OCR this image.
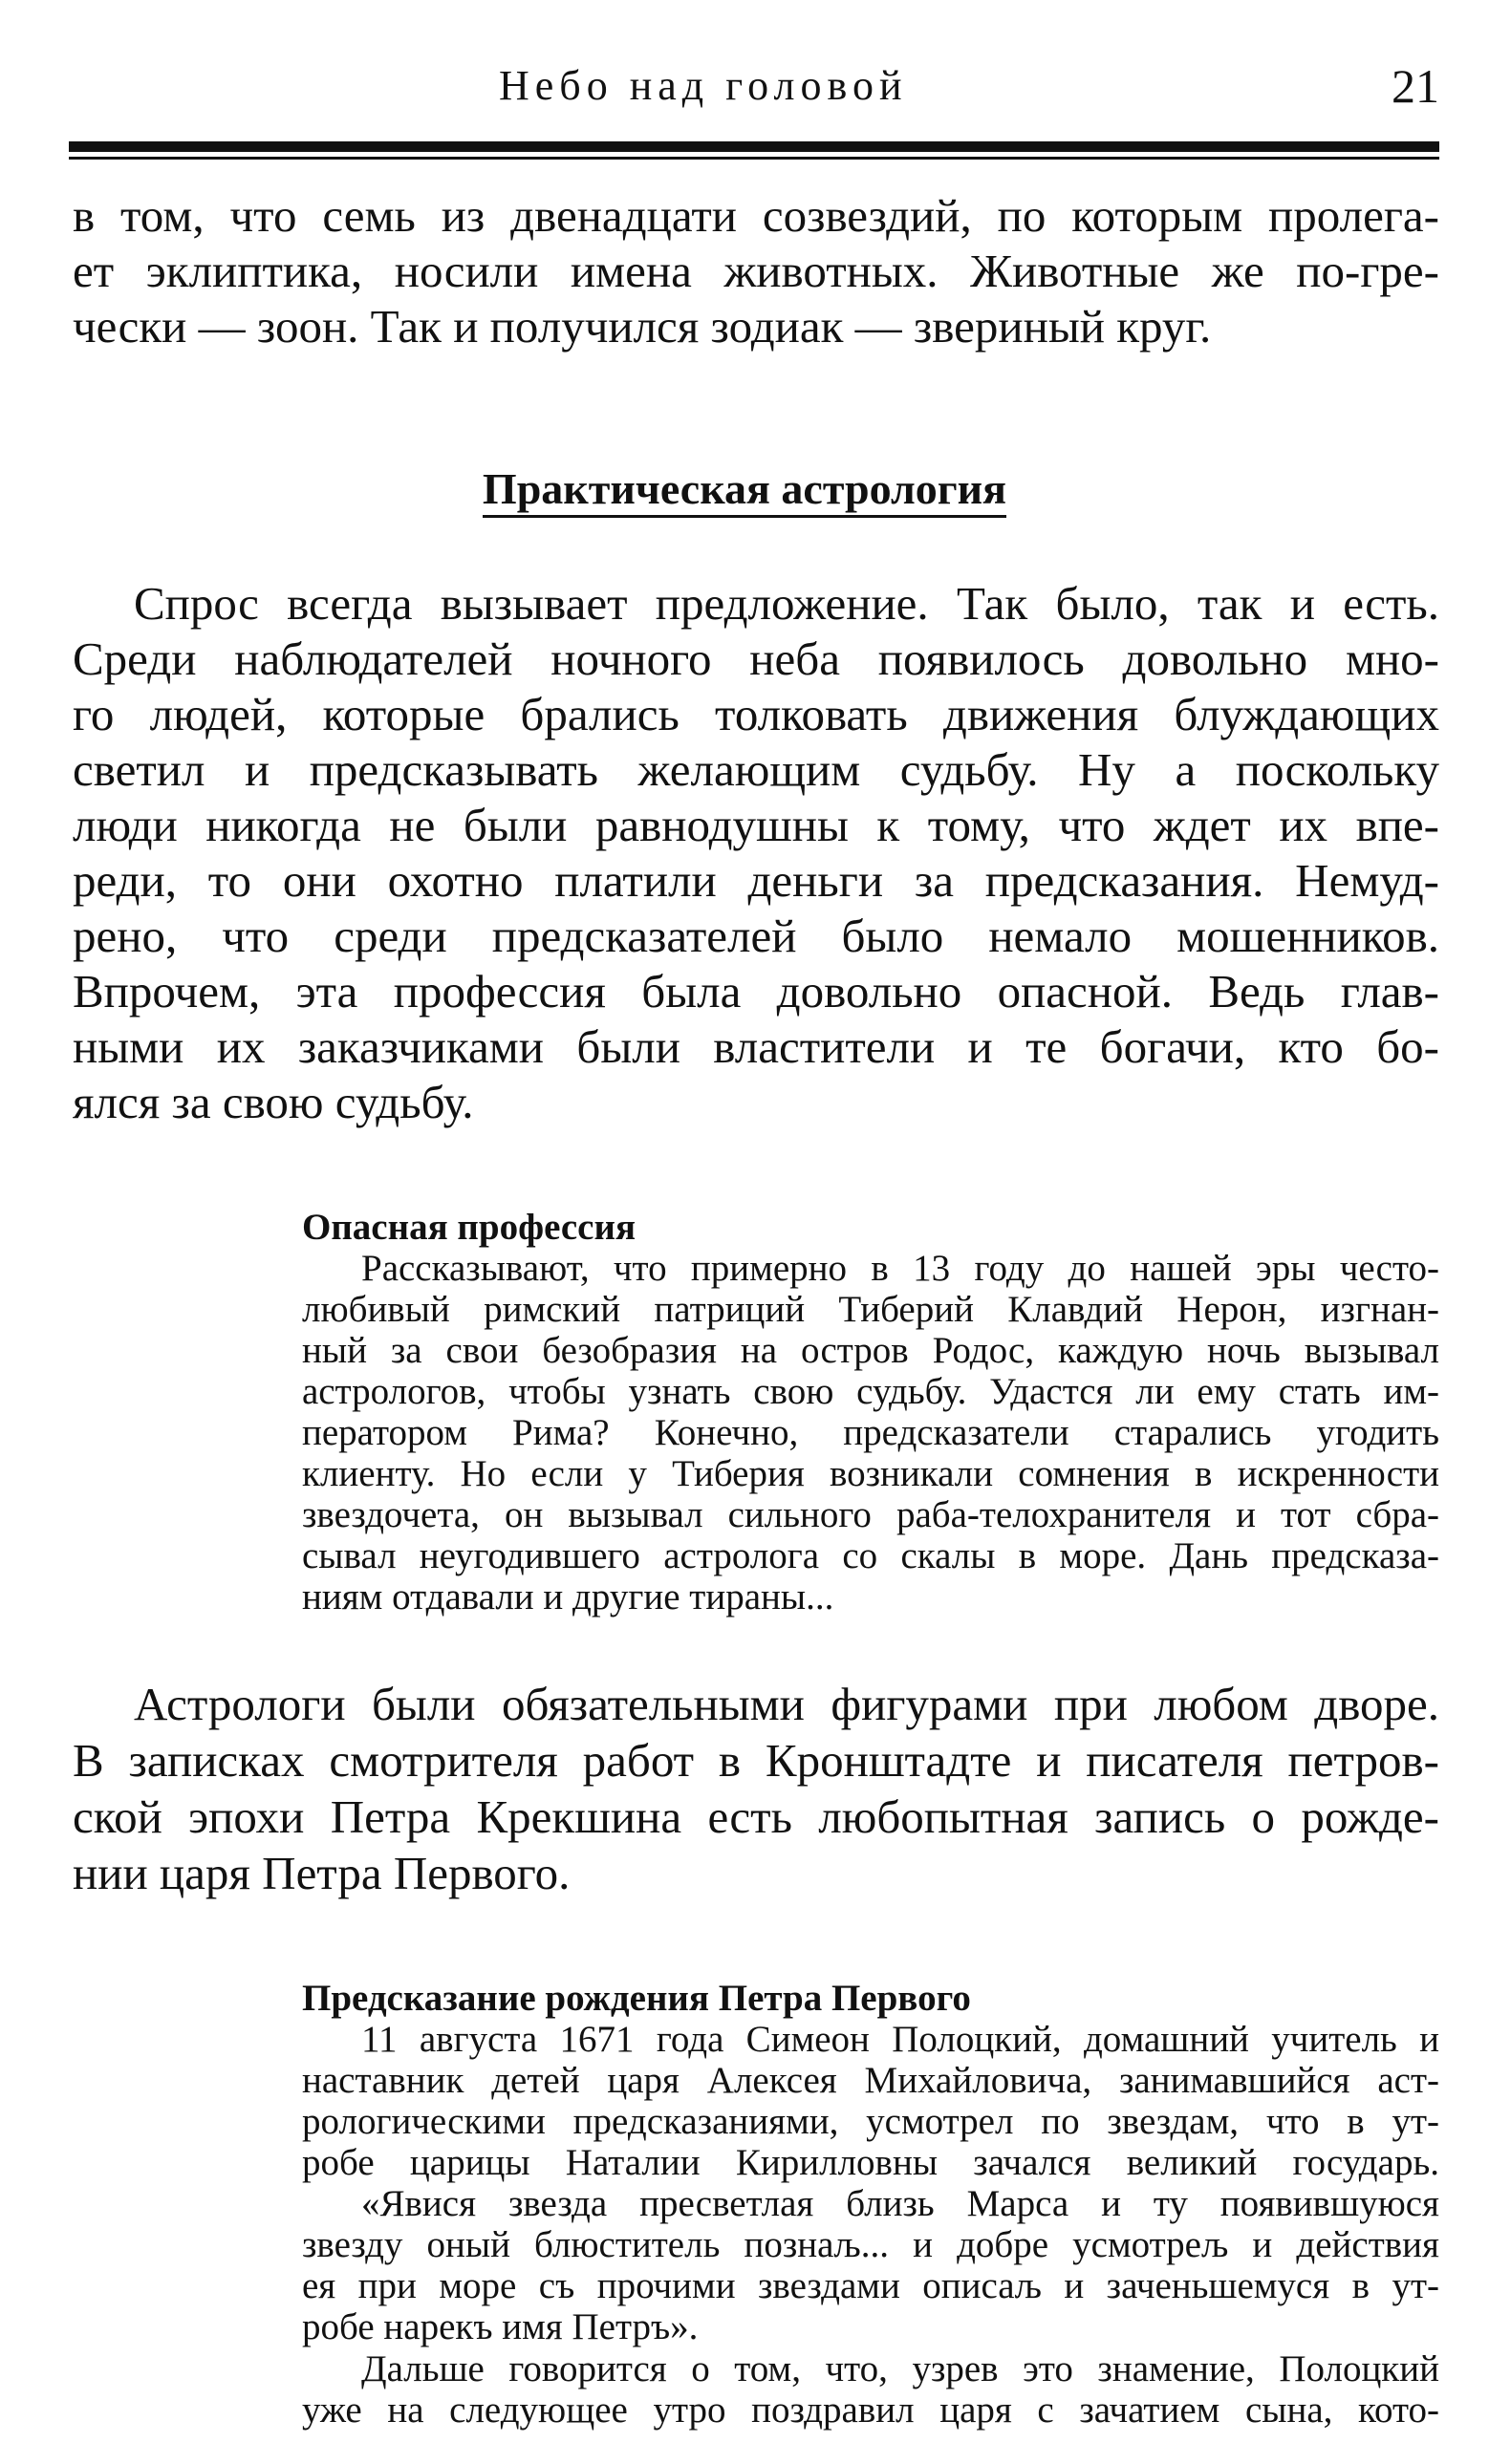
Небо над головой	21
в том, что семь из двенадцати созвездий, по которым пролега-
ет эклиптика, носили имена животных. Животные же по-гре-
чески — зоон. Так и получился зодиак — звериный круг.
Практическая астрология
Спрос всегда вызывает предложение. Так было, так и есть.
Среди наблюдателей ночного неба появилось довольно мно-
го людей, которые брались толковать движения блуждающих
светил и предсказывать желающим судьбу. Ну а поскольку
люди никогда не были равнодушны к тому, что ждет их впе-
реди, то они охотно платили деньги за предсказания. Немуд-
рено, что среди предсказателей было немало мошенников.
Впрочем, эта профессия была довольно опасной. Ведь глав-
ными их заказчиками были властители и те богачи, кто бо-
ялся за свою судьбу.
Опасная профессия
Рассказывают, что примерно в 13 году до нашей эры често-
любивый римский патриций Тиберий Клавдий Нерон, изгнан-
ный за свои безобразия на остров Родос, каждую ночь вызывал
астрологов, чтобы узнать свою судьбу. Удастся ли ему стать им-
ператором Рима? Конечно, предсказатели старались угодить
клиенту. Но если у Тиберия возникали сомнения в искренности
звездочета, он вызывал сильного раба-телохранителя и тот сбра-
сывал неугодившего астролога со скалы в море. Дань предсказа-
ниям отдавали и другие тираны...
Астрологи были обязательными фигурами при любом дворе.
В записках смотрителя работ в Кронштадте и писателя петров-
ской эпохи Петра Крекшина есть любопытная запись о рожде-
нии царя Петра Первого.
Предсказание рождения Петра Первого
11 августа 1671 года Симеон Полоцкий, домашний учитель и
наставник детей царя Алексея Михайловича, занимавшийся аст-
рологическими предсказаниями, усмотрел по звездам, что в ут-
робе царицы Наталии Кирилловны зачался великий государь.
«Явися звезда пресветлая близь Марса и ту появившуюся
звезду оный блюститель познаљ... и добре усмотрељ и действия
ея при море съ прочими звездами описаљ и заченьшемуся в ут-
робе нарекъ имя Петръ».
Дальше говорится о том, что, узрев это знамение, Полоцкий
уже на следующее утро поздравил царя с зачатием сына, кото-
